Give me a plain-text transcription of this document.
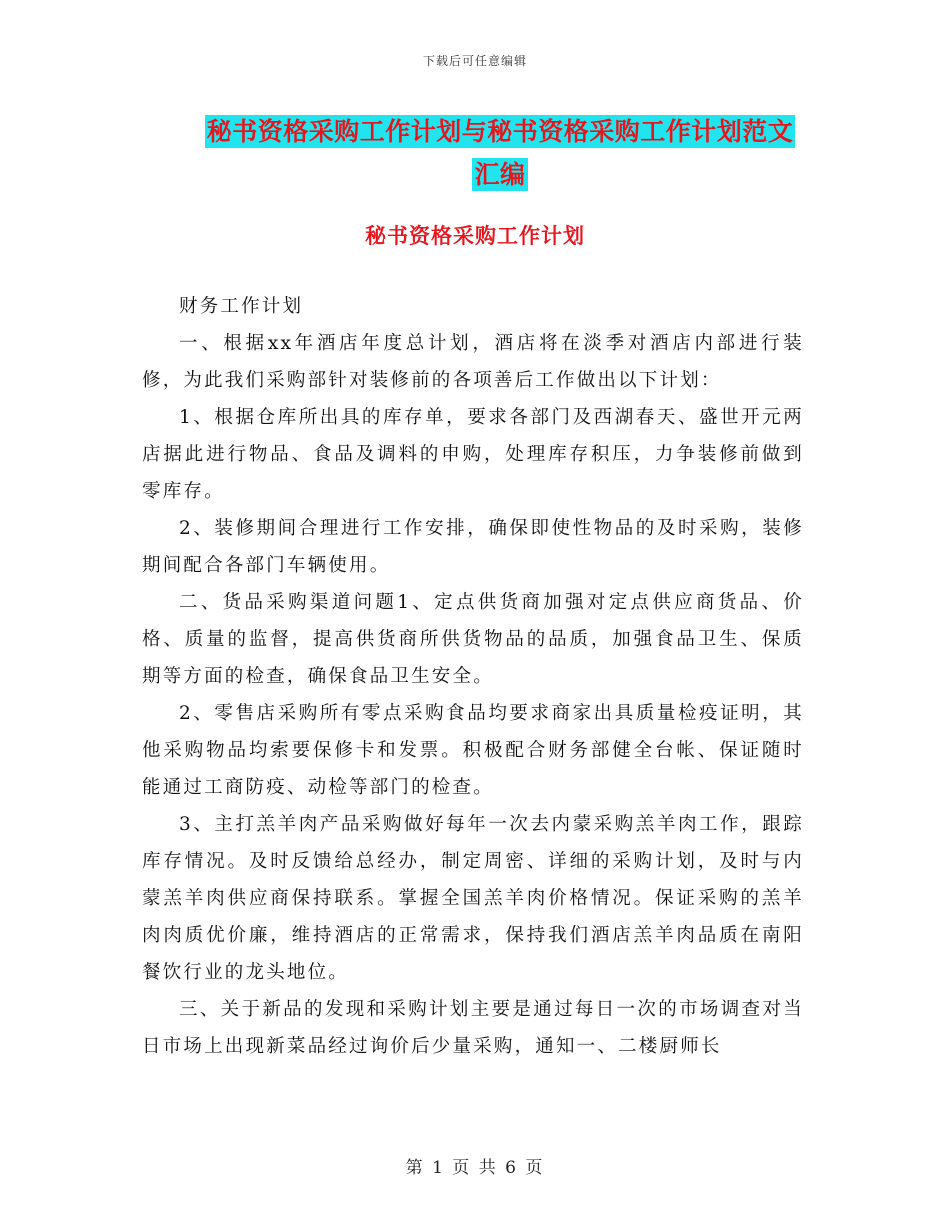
下载后可任意编辑
秘书资格采购工作计划与秘书资格采购工作计划范文
汇编
秘书资格采购工作计划

财务工作计划

一、根据xx年酒店年度总计划，酒店将在淡季对酒店内部进行装修，为此我们采购部针对装修前的各项善后工作做出以下计划：

1、根据仓库所出具的库存单，要求各部门及西湖春天、盛世开元两店据此进行物品、食品及调料的申购，处理库存积压，力争装修前做到零库存。

2、装修期间合理进行工作安排，确保即使性物品的及时采购，装修期间配合各部门车辆使用。

二、货品采购渠道问题1、定点供货商加强对定点供应商货品、价格、质量的监督，提高供货商所供货物品的品质，加强食品卫生、保质期等方面的检查，确保食品卫生安全。

2、零售店采购所有零点采购食品均要求商家出具质量检疫证明，其他采购物品均索要保修卡和发票。积极配合财务部健全台帐、保证随时能通过工商防疫、动检等部门的检查。

3、主打羔羊肉产品采购做好每年一次去内蒙采购羔羊肉工作，跟踪库存情况。及时反馈给总经办，制定周密、详细的采购计划，及时与内蒙羔羊肉供应商保持联系。掌握全国羔羊肉价格情况。保证采购的羔羊肉肉质优价廉，维持酒店的正常需求，保持我们酒店羔羊肉品质在南阳餐饮行业的龙头地位。

三、关于新品的发现和采购计划主要是通过每日一次的市场调查对当日市场上出现新菜品经过询价后少量采购，通知一、二楼厨师长

第 1 页 共 6 页
